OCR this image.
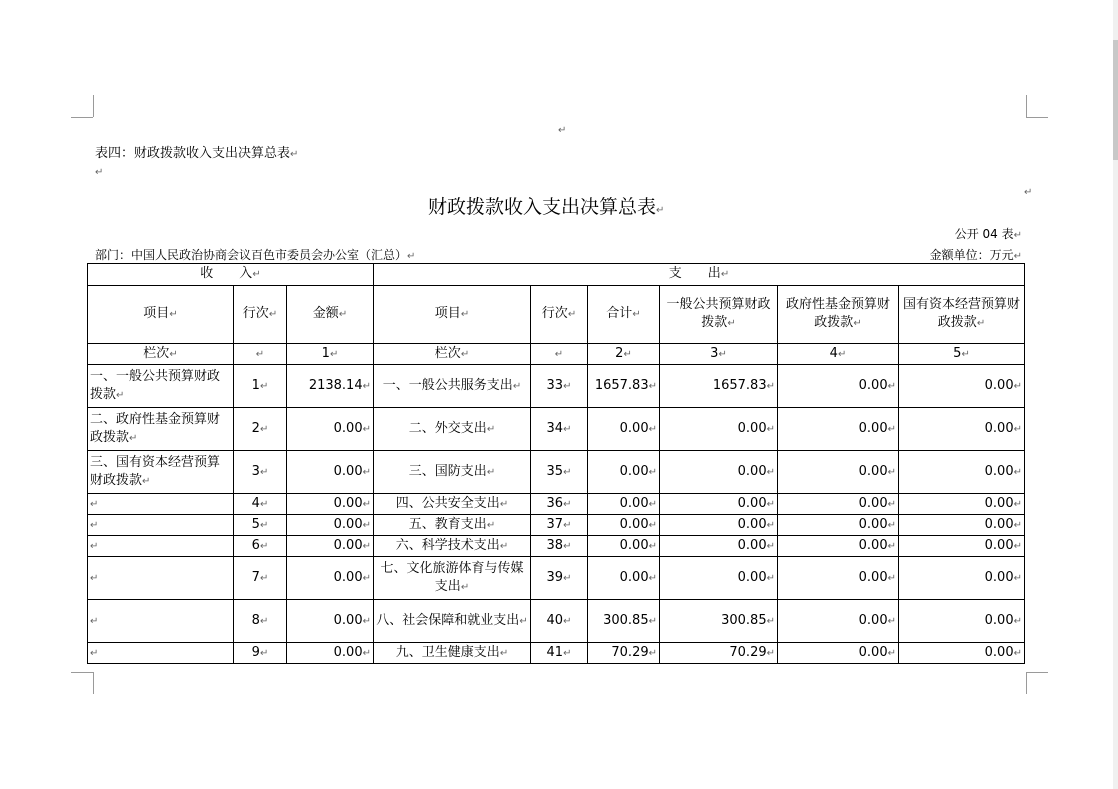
↵
↵
↵
表四：财政拨款收入支出决算总表 ↵
财政拨款收入支出决算总表 ↵
公开 04 表 ↵
部门：中国人民政治协商会议百色市委员会办公室（汇总） ↵	金额单位：万元 ↵
收　　入 ↵			支　　出 ↵
项目 ↵	行次 ↵	金额 ↵	项目 ↵	行次 ↵	合计 ↵	一般公共预算财政拨款 ↵	政府性基金预算财政拨款 ↵	国有资本经营预算财政拨款 ↵
栏次 ↵	↵	1 ↵	栏次 ↵	↵	2 ↵	3 ↵	4 ↵	5 ↵
一、一般公共预算财政拨款 ↵	1 ↵	2138.14 ↵	一、一般公共服务支出 ↵	33 ↵	1657.83 ↵	1657.83 ↵	0.00 ↵	0.00 ↵
二、政府性基金预算财政拨款 ↵	2 ↵	0.00 ↵	二、外交支出 ↵	34 ↵	0.00 ↵	0.00 ↵	0.00 ↵	0.00 ↵
三、国有资本经营预算财政拨款 ↵	3 ↵	0.00 ↵	三、国防支出 ↵	35 ↵	0.00 ↵	0.00 ↵	0.00 ↵	0.00 ↵
↵	4 ↵	0.00 ↵	四、公共安全支出 ↵	36 ↵	0.00 ↵	0.00 ↵	0.00 ↵	0.00 ↵
↵	5 ↵	0.00 ↵	五、教育支出 ↵	37 ↵	0.00 ↵	0.00 ↵	0.00 ↵	0.00 ↵
↵	6 ↵	0.00 ↵	六、科学技术支出 ↵	38 ↵	0.00 ↵	0.00 ↵	0.00 ↵	0.00 ↵
↵	7 ↵	0.00 ↵	七、文化旅游体育与传媒支出 ↵	39 ↵	0.00 ↵	0.00 ↵	0.00 ↵	0.00 ↵
↵	8 ↵	0.00 ↵	八、社会保障和就业支出 ↵	40 ↵	300.85 ↵	300.85 ↵	0.00 ↵	0.00 ↵
↵	9 ↵	0.00 ↵	九、卫生健康支出 ↵	41 ↵	70.29 ↵	70.29 ↵	0.00 ↵	0.00 ↵
